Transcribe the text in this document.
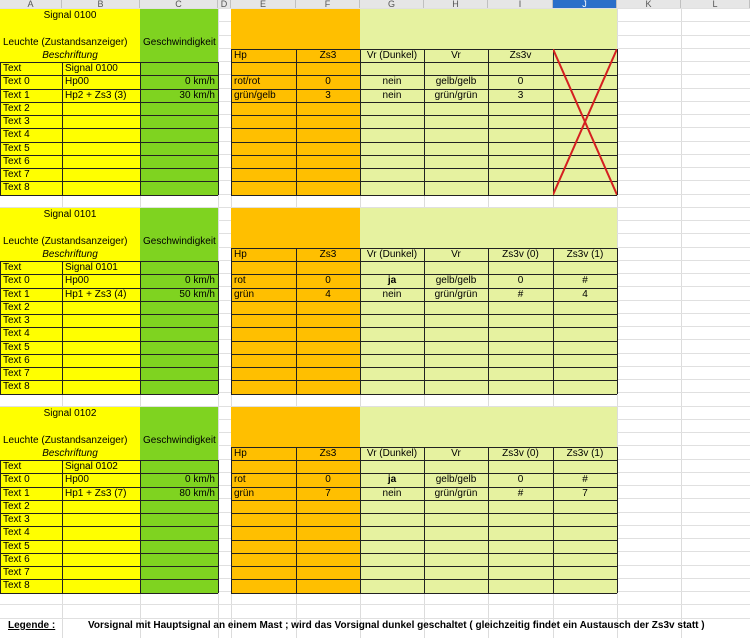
A	B	C	D	E	F	G	H	I	J	K	L
Signal 0100
Leuchte (Zustandsanzeiger)	Geschwindigkeit
Beschriftung	Hp	Zs3	Vr (Dunkel)	Vr	Zs3v
Text	Signal 0100
Text 0	Hp00	0 km/h	rot/rot	0	nein	gelb/gelb	0
Text 1	Hp2 + Zs3 (3)	30 km/h	grün/gelb	3	nein	grün/grün	3
Text 2
Text 3
Text 4
Text 5
Text 6
Text 7
Text 8
Signal 0101
Leuchte (Zustandsanzeiger)	Geschwindigkeit
Beschriftung	Hp	Zs3	Vr (Dunkel)	Vr	Zs3v (0)	Zs3v (1)
Text	Signal 0101
Text 0	Hp00	0 km/h	rot	0	ja	gelb/gelb	0	#
Text 1	Hp1 + Zs3 (4)	50 km/h	grün	4	nein	grün/grün	#	4
Text 2
Text 3
Text 4
Text 5
Text 6
Text 7
Text 8
Signal 0102
Leuchte (Zustandsanzeiger)	Geschwindigkeit
Beschriftung	Hp	Zs3	Vr (Dunkel)	Vr	Zs3v (0)	Zs3v (1)
Text	Signal 0102
Text 0	Hp00	0 km/h	rot	0	ja	gelb/gelb	0	#
Text 1	Hp1 + Zs3 (7)	80 km/h	grün	7	nein	grün/grün	#	7
Text 2
Text 3
Text 4
Text 5
Text 6
Text 7
Text 8
Legende :	Vorsignal mit Hauptsignal an einem Mast ; wird das Vorsignal dunkel geschaltet ( gleichzeitig findet ein Austausch der Zs3v statt )
